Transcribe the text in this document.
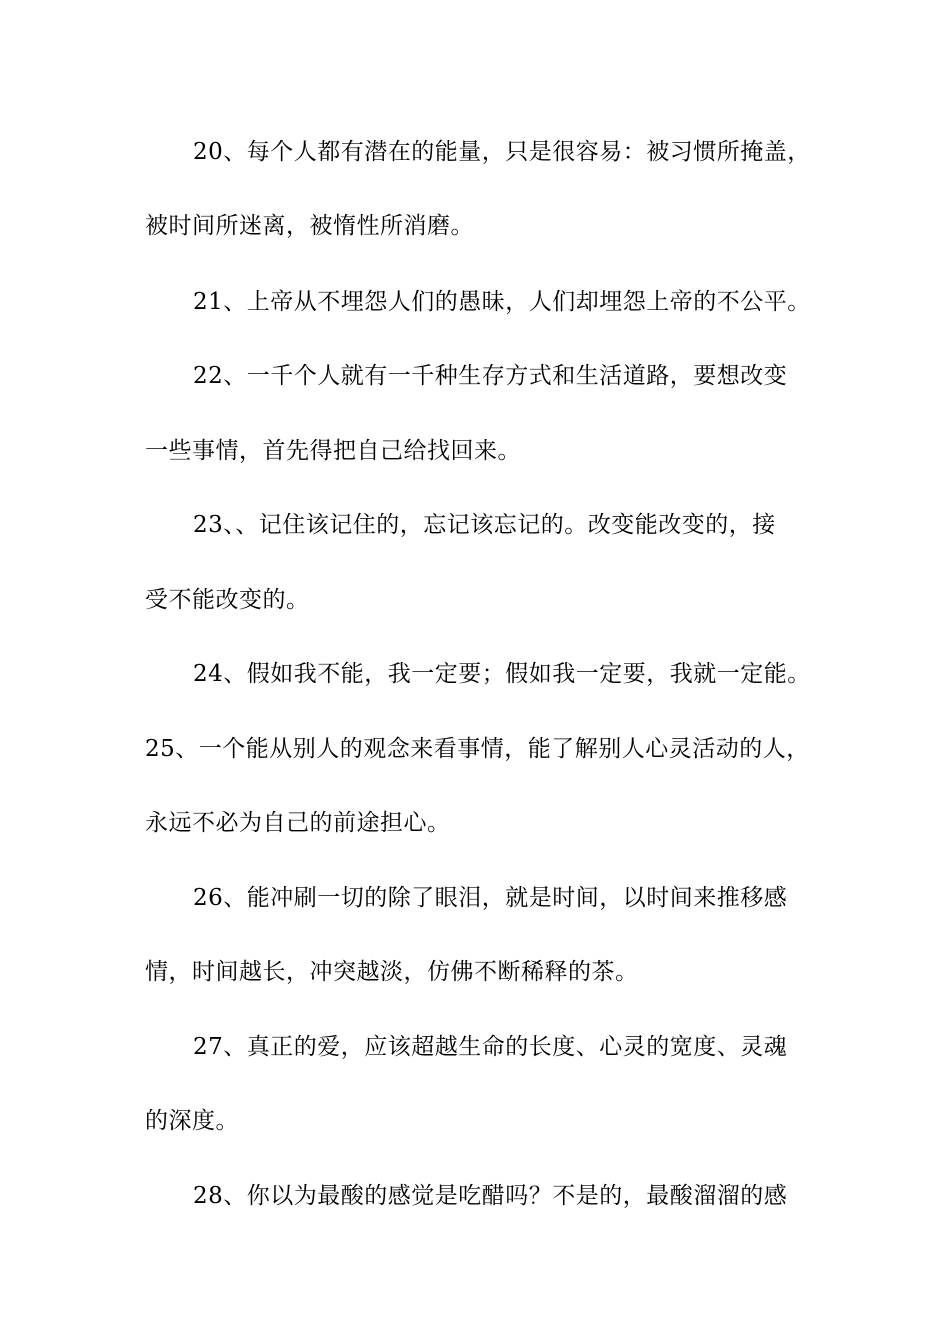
20、每个人都有潜在的能量，只是很容易：被习惯所掩盖，
被时间所迷离，被惰性所消磨。
21、上帝从不埋怨人们的愚昧，人们却埋怨上帝的不公平。
22、一千个人就有一千种生存方式和生活道路，要想改变
一些事情，首先得把自己给找回来。
23、、记住该记住的，忘记该忘记的。改变能改变的，接
受不能改变的。
24、假如我不能，我一定要；假如我一定要，我就一定能。
25、一个能从别人的观念来看事情，能了解别人心灵活动的人，
永远不必为自己的前途担心。
26、能冲刷一切的除了眼泪，就是时间，以时间来推移感
情，时间越长，冲突越淡，仿佛不断稀释的茶。
27、真正的爱，应该超越生命的长度、心灵的宽度、灵魂
的深度。
28、你以为最酸的感觉是吃醋吗？不是的，最酸溜溜的感
